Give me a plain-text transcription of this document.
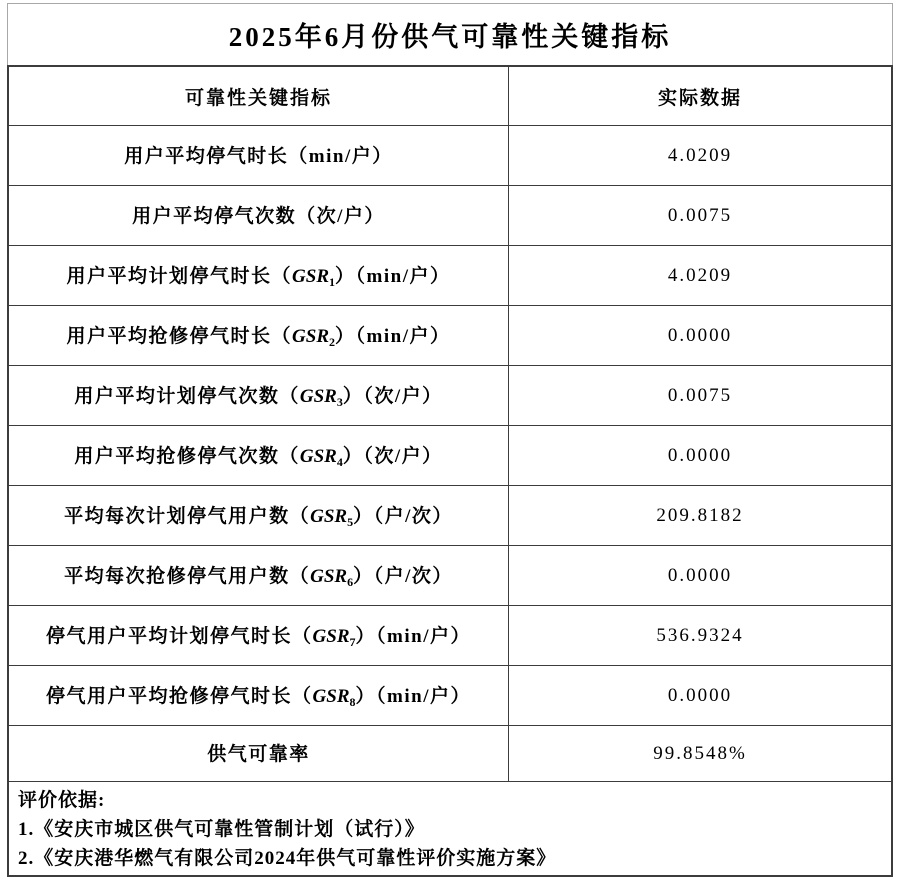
2025年6月份供气可靠性关键指标
可靠性关键指标	实际数据
用户平均停气时长（min/户）	4.0209
用户平均停气次数（次/户）	0.0075
用户平均计划停气时长$(GSR_1)(\min/$户）	4.0209
用户平均抢修停气时长$(GSR_2)(\min/$户）	0.0000
用户平均计划停气次数$(GSR_3)$（次/户）	0.0075
用户平均抢修停气次数$(GSR_4)$（次/户）	0.0000
平均每次计划停气用户数$(GSR_5)$（户/次）	209.8182
平均每次抢修停气用户数$(GSR_6)$（户/次）	0.0000
停气用户平均计划停气时长$(GSR_7)(\min/$户）	536.9324
停气用户平均抢修停气时长$(GSR_8)(\min/$户）	0.0000
供气可靠率	99.8548%

评价依据:

1.《安庆市城区供气可靠性管制计划（试行）》

2.《安庆港华燃气有限公司2024年供气可靠性评价实施方案》
